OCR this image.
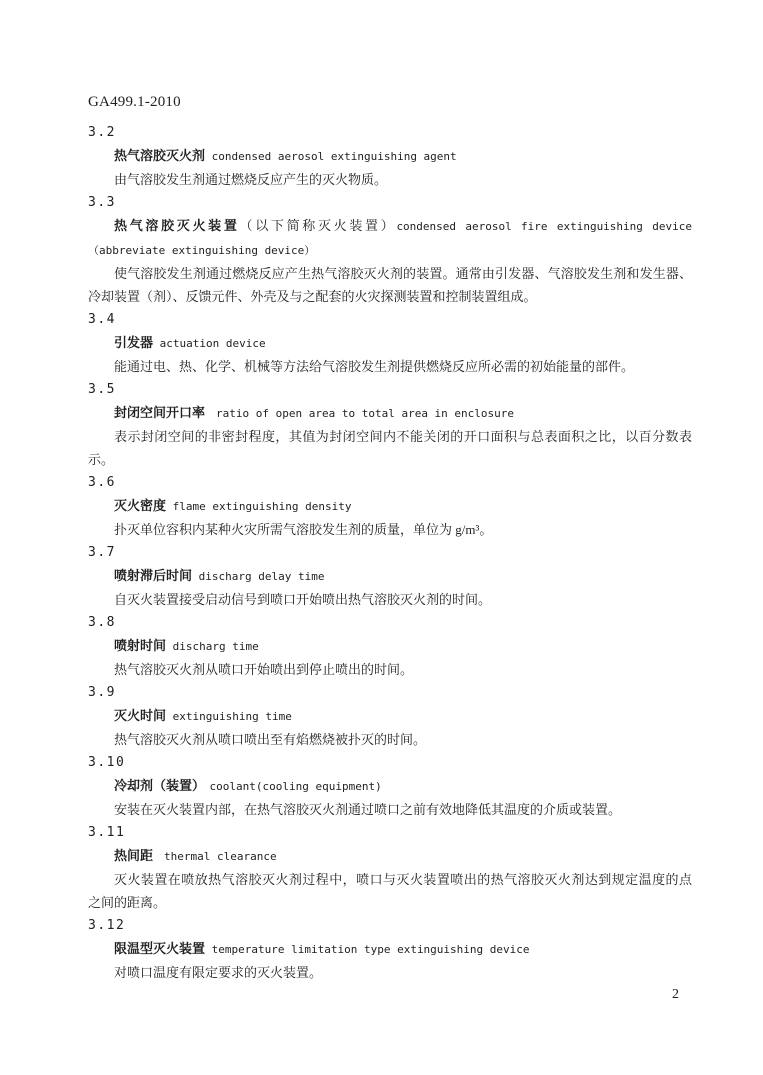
GA499.1-2010
3.2
热气溶胶灭火剂 condensed aerosol extinguishing agent
由气溶胶发生剂通过燃烧反应产生的灭火物质。
3.3
热气溶胶灭火装置（以下简称灭火装置）condensed aerosol fire extinguishing device
（abbreviate extinguishing device）
使气溶胶发生剂通过燃烧反应产生热气溶胶灭火剂的装置。通常由引发器、气溶胶发生剂和发生器、
冷却装置（剂）、反馈元件、外壳及与之配套的火灾探测装置和控制装置组成。
3.4
引发器 actuation device
能通过电、热、化学、机械等方法给气溶胶发生剂提供燃烧反应所必需的初始能量的部件。
3.5
封闭空间开口率　ratio of open area to total area in enclosure
表示封闭空间的非密封程度，其值为封闭空间内不能关闭的开口面积与总表面积之比，以百分数表
示。
3.6
灭火密度 flame extinguishing density
扑灭单位容积内某种火灾所需气溶胶发生剂的质量，单位为 g/m³。
3.7
喷射滞后时间 discharg delay time
自灭火装置接受启动信号到喷口开始喷出热气溶胶灭火剂的时间。
3.8
喷射时间 discharg time
热气溶胶灭火剂从喷口开始喷出到停止喷出的时间。
3.9
灭火时间 extinguishing time
热气溶胶灭火剂从喷口喷出至有焰燃烧被扑灭的时间。
3.10
冷却剂（装置）　coolant(cooling equipment)
安装在灭火装置内部，在热气溶胶灭火剂通过喷口之前有效地降低其温度的介质或装置。
3.11
热间距　thermal clearance
灭火装置在喷放热气溶胶灭火剂过程中，喷口与灭火装置喷出的热气溶胶灭火剂达到规定温度的点
之间的距离。
3.12
限温型灭火装置 temperature limitation type extinguishing device
对喷口温度有限定要求的灭火装置。
2
